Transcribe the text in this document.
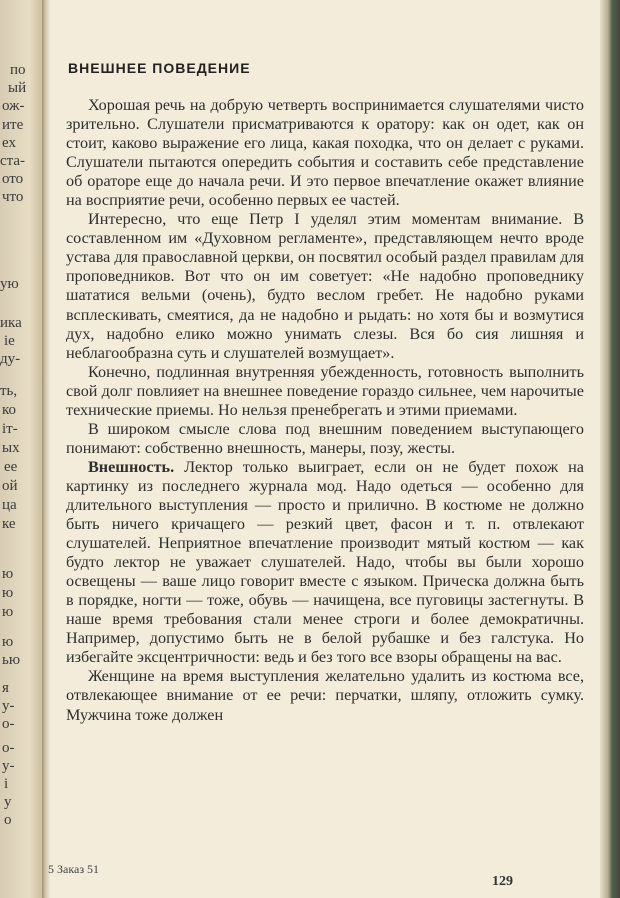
по
ый
ож-
ите
ех
ста-
ото
что
ую
ика
ie
ду-
ть,
ко
іт-
ых
ее
ой
ца
ке
ю
ю
ю
ю
ью
я
у-
о-
о-
у-
і
у
о
ВНЕШНЕЕ ПОВЕДЕНИЕ

Хорошая речь на добрую четверть воспринимается слушателями чисто зрительно. Слушатели присматриваются к оратору: как он одет, как он стоит, каково выражение его лица, какая походка, что он делает с руками. Слушатели пытаются опередить события и составить себе представление об ораторе еще до начала речи. И это первое впечатление окажет влияние на восприятие речи, особенно первых ее частей.

Интересно, что еще Петр I уделял этим моментам внимание. В составленном им «Духовном регламенте», представляющем нечто вроде устава для православной церкви, он посвятил особый раздел правилам для проповедников. Вот что он им советует: «Не надобно проповеднику шататися вельми (очень), будто веслом гребет. Не надобно руками всплескивать, смеятися, да не надобно и рыдать: но хотя бы и возмутися дух, надобно елико можно унимать слезы. Вся бо сия лишняя и неблагообразна суть и слушателей возмущает».

Конечно, подлинная внутренняя убежденность, готовность выполнить свой долг повлияет на внешнее поведение гораздо сильнее, чем нарочитые технические приемы. Но нельзя пренебрегать и этими приемами.

В широком смысле слова под внешним поведением выступающего понимают: собственно внешность, манеры, позу, жесты.

Внешность. Лектор только выиграет, если он не будет похож на картинку из последнего журнала мод. Надо одеться — особенно для длительного выступления — просто и прилично. В костюме не должно быть ничего кричащего — резкий цвет, фасон и т. п. отвлекают слушателей. Неприятное впечатление производит мятый костюм — как будто лектор не уважает слушателей. Надо, чтобы вы были хорошо освещены — ваше лицо говорит вместе с языком. Прическа должна быть в порядке, ногти — тоже, обувь — начищена, все пуговицы застегнуты. В наше время требования стали менее строги и более демократичны. Например, допустимо быть не в белой рубашке и без галстука. Но избегайте эксцентричности: ведь и без того все взоры обращены на вас.

Женщине на время выступления желательно удалить из костюма все, отвлекающее внимание от ее речи: перчатки, шляпу, отложить сумку. Мужчина тоже должен

5 Заказ 51
129
